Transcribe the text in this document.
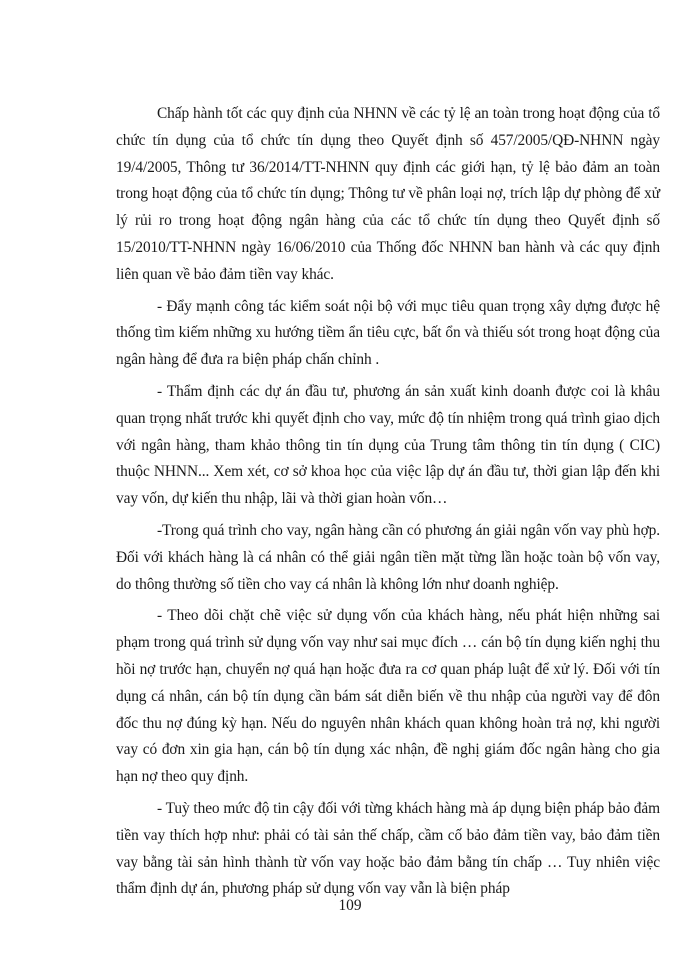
Chấp hành tốt các quy định của NHNN về các tỷ lệ an toàn trong hoạt động của tổ chức tín dụng của tổ chức tín dụng theo Quyết định số 457/2005/QĐ-NHNN ngày 19/4/2005, Thông tư 36/2014/TT-NHNN quy định các giới hạn, tỷ lệ bảo đảm an toàn trong hoạt động của tổ chức tín dụng; Thông tư về phân loại nợ, trích lập dự phòng để xử lý rủi ro trong hoạt động ngân hàng của các tổ chức tín dụng theo Quyết định số 15/2010/TT-NHNN ngày 16/06/2010 của Thống đốc NHNN ban hành và các quy định liên quan về bảo đảm tiền vay khác.

- Đẩy mạnh công tác kiểm soát nội bộ với mục tiêu quan trọng xây dựng được hệ thống tìm kiếm những xu hướng tiềm ẩn tiêu cực, bất ổn và thiếu sót trong hoạt động của ngân hàng để đưa ra biện pháp chấn chỉnh .

- Thẩm định các dự án đầu tư, phương án sản xuất kinh doanh được coi là khâu quan trọng nhất trước khi quyết định cho vay, mức độ tín nhiệm trong quá trình giao dịch với ngân hàng, tham khảo thông tin tín dụng của Trung tâm thông tin tín dụng ( CIC) thuộc NHNN... Xem xét, cơ sở khoa học của việc lập dự án đầu tư, thời gian lập đến khi vay vốn, dự kiến thu nhập, lãi và thời gian hoàn vốn…

-Trong quá trình cho vay, ngân hàng cần có phương án giải ngân vốn vay phù hợp. Đối với khách hàng là cá nhân có thể giải ngân tiền mặt từng lần hoặc toàn bộ vốn vay, do thông thường số tiền cho vay cá nhân là không lớn như doanh nghiệp.

- Theo dõi chặt chẽ việc sử dụng vốn của khách hàng, nếu phát hiện những sai phạm trong quá trình sử dụng vốn vay như sai mục đích … cán bộ tín dụng kiến nghị thu hồi nợ trước hạn, chuyển nợ quá hạn hoặc đưa ra cơ quan pháp luật để xử lý. Đối với tín dụng cá nhân, cán bộ tín dụng cần bám sát diễn biến về thu nhập của người vay để đôn đốc thu nợ đúng kỳ hạn. Nếu do nguyên nhân khách quan không hoàn trả nợ, khi người vay có đơn xin gia hạn, cán bộ tín dụng xác nhận, đề nghị giám đốc ngân hàng cho gia hạn nợ theo quy định.

- Tuỳ theo mức độ tin cậy đối với từng khách hàng mà áp dụng biện pháp bảo đảm tiền vay thích hợp như: phải có tài sản thế chấp, cầm cố bảo đảm tiền vay, bảo đảm tiền vay bằng tài sản hình thành từ vốn vay hoặc bảo đảm bằng tín chấp … Tuy nhiên việc thẩm định dự án, phương pháp sử dụng vốn vay vẫn là biện pháp

109
